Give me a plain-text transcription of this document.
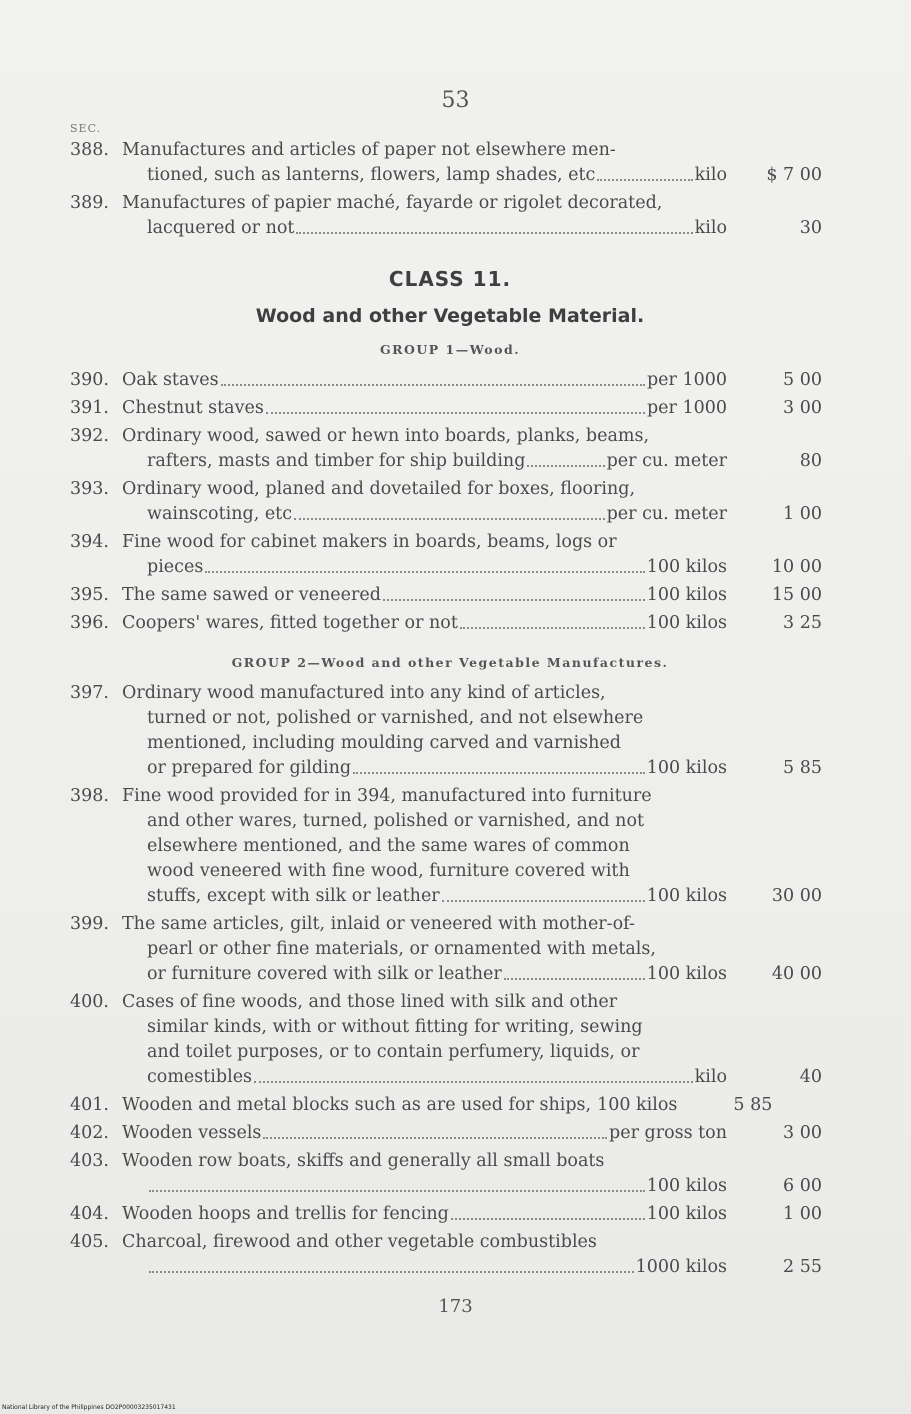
53
SEC.
388. Manufactures and articles of paper not elsewhere men-
tioned, such as lanterns, flowers, lamp shades, etc	kilo	$ 7 00
389. Manufactures of papier maché, fayarde or rigolet decorated,
lacquered or not	kilo	30
CLASS 11.
Wood and other Vegetable Material.
GROUP 1—Wood.
390. Oak staves	per 1000	5 00
391. Chestnut staves	per 1000	3 00
392. Ordinary wood, sawed or hewn into boards, planks, beams,
rafters, masts and timber for ship building	per cu. meter	80
393. Ordinary wood, planed and dovetailed for boxes, flooring,
wainscoting, etc	per cu. meter	1 00
394. Fine wood for cabinet makers in boards, beams, logs or
pieces	100 kilos	10 00
395. The same sawed or veneered	100 kilos	15 00
396. Coopers' wares, fitted together or not	100 kilos	3 25
GROUP 2—Wood and other Vegetable Manufactures.
397. Ordinary wood manufactured into any kind of articles,
turned or not, polished or varnished, and not elsewhere
mentioned, including moulding carved and varnished
or prepared for gilding	100 kilos	5 85
398. Fine wood provided for in 394, manufactured into furniture
and other wares, turned, polished or varnished, and not
elsewhere mentioned, and the same wares of common
wood veneered with fine wood, furniture covered with
stuffs, except with silk or leather	100 kilos	30 00
399. The same articles, gilt, inlaid or veneered with mother-of-
pearl or other fine materials, or ornamented with metals,
or furniture covered with silk or leather	100 kilos	40 00
400. Cases of fine woods, and those lined with silk and other
similar kinds, with or without fitting for writing, sewing
and toilet purposes, or to contain perfumery, liquids, or
comestibles	kilo	40
401. Wooden and metal blocks such as are used for ships, 100 kilos	5 85
402. Wooden vessels	per gross ton	3 00
403. Wooden row boats, skiffs and generally all small boats
100 kilos	6 00
404. Wooden hoops and trellis for fencing	100 kilos	1 00
405. Charcoal, firewood and other vegetable combustibles
1000 kilos	2 55
173
National Library of the Philippines DO2P00003235017431
